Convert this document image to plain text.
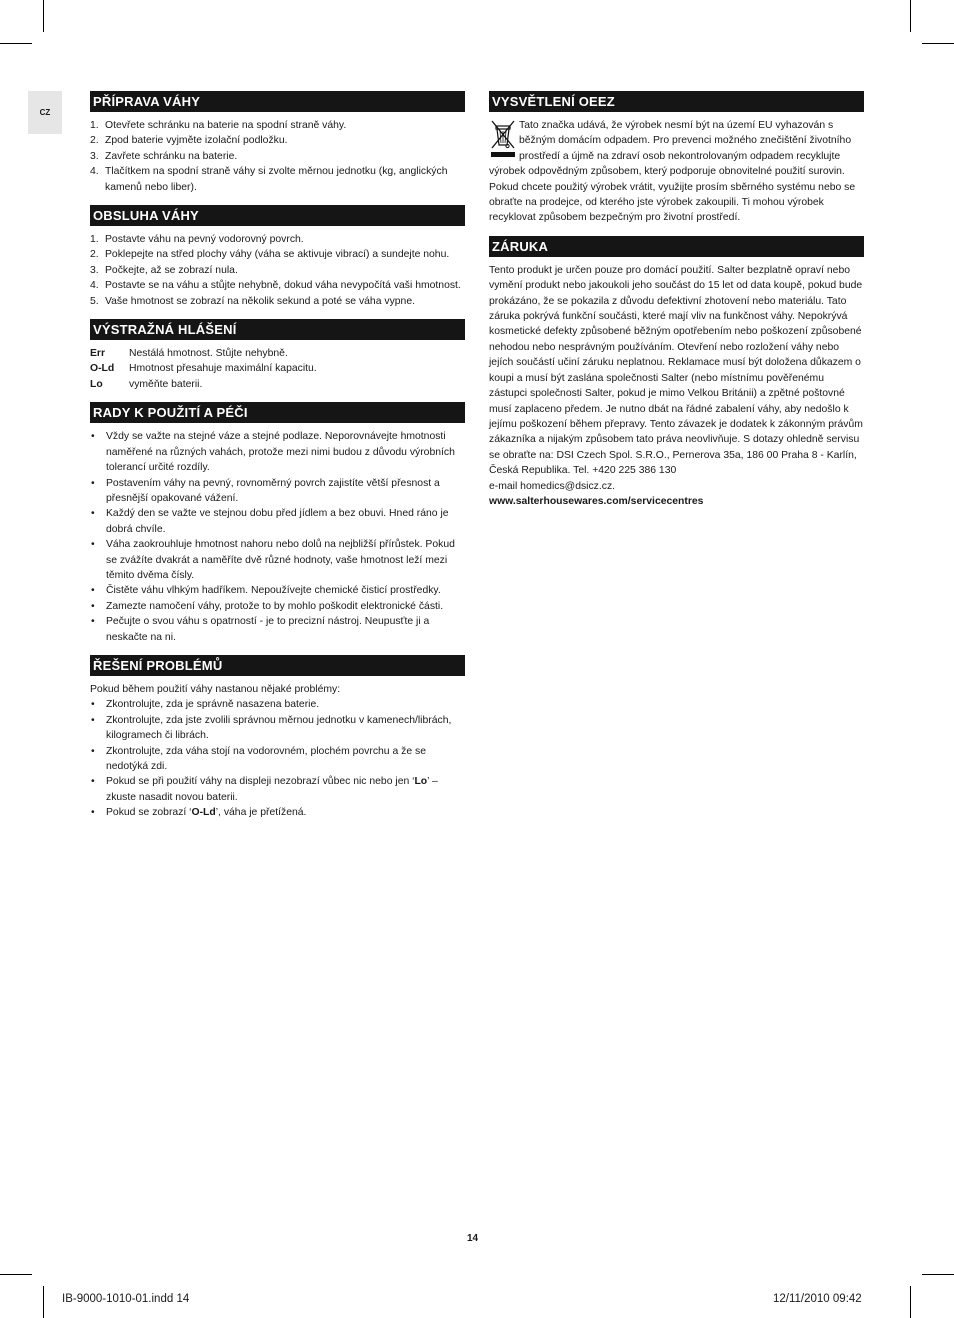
CZ
PŘÍPRAVA VÁHY
1. Otevřete schránku na baterie na spodní straně váhy.
2. Zpod baterie vyjměte izolační podložku.
3. Zavřete schránku na baterie.
4. Tlačítkem na spodní straně váhy si zvolte měrnou jednotku (kg, anglických kamenů nebo liber).
OBSLUHA VÁHY
1. Postavte váhu na pevný vodorovný povrch.
2. Poklepejte na střed plochy váhy (váha se aktivuje vibrací) a sundejte nohu.
3. Počkejte, až se zobrazí nula.
4. Postavte se na váhu a stůjte nehybně, dokud váha nevypočítá vaši hmotnost.
5. Vaše hmotnost se zobrazí na několik sekund a poté se váha vypne.
VÝSTRAŽNÁ HLÁŠENÍ
Err	Nestálá hmotnost. Stůjte nehybně.
O-Ld	Hmotnost přesahuje maximální kapacitu.
Lo	vyměňte baterii.
RADY K POUŽITÍ A PÉČI
•	Vždy se važte na stejné váze a stejné podlaze. Neporovnávejte hmotnosti naměřené na různých vahách, protože mezi nimi budou z důvodu výrobních tolerancí určité rozdíly.
•	Postavením váhy na pevný, rovnoměrný povrch zajistíte větší přesnost a přesnější opakované vážení.
•	Každý den se važte ve stejnou dobu před jídlem a bez obuvi. Hned ráno je dobrá chvíle.
•	Váha zaokrouhluje hmotnost nahoru nebo dolů na nejbližší přírůstek. Pokud se zvážíte dvakrát a naměříte dvě různé hodnoty, vaše hmotnost leží mezi těmito dvěma čísly.
•	Čistěte váhu vlhkým hadříkem. Nepoužívejte chemické čisticí prostředky.
•	Zamezte namočení váhy, protože to by mohlo poškodit elektronické části.
•	Pečujte o svou váhu s opatrností - je to precizní nástroj. Neupusťte ji a neskačte na ni.
ŘEŠENÍ PROBLÉMŮ

Pokud během použití váhy nastanou nějaké problémy:

•	Zkontrolujte, zda je správně nasazena baterie.
•	Zkontrolujte, zda jste zvolili správnou měrnou jednotku v kamenech/librách, kilogramech či librách.
•	Zkontrolujte, zda váha stojí na vodorovném, plochém povrchu a že se nedotýká zdi.
•	Pokud se při použití váhy na displeji nezobrazí vůbec nic nebo jen ‘Lo’ – zkuste nasadit novou baterii.
•	Pokud se zobrazí ‘O-Ld’, váha je přetížená.
VYSVĚTLENÍ OEEZ
Tato značka udává, že výrobek nesmí být na území EU vyhazován s běžným domácím odpadem. Pro prevenci možného znečištění životního prostředí a újmě na zdraví osob nekontrolovaným odpadem recyklujte výrobek odpovědným způsobem, který podporuje obnovitelné použití surovin. Pokud chcete použitý výrobek vrátit, využijte prosím sběrného systému nebo se obraťte na prodejce, od kterého jste výrobek zakoupili. Ti mohou výrobek recyklovat způsobem bezpečným pro životní prostředí.
ZÁRUKA

Tento produkt je určen pouze pro domácí použití. Salter bezplatně opraví nebo vymění produkt nebo jakoukoli jeho součást do 15 let od data koupě, pokud bude prokázáno, že se pokazila z důvodu defektivní zhotovení nebo materiálu. Tato záruka pokrývá funkční součásti, které mají vliv na funkčnost váhy. Nepokrývá kosmetické defekty způsobené běžným opotřebením nebo poškození způsobené nehodou nebo nesprávným používáním. Otevření nebo rozložení váhy nebo jejích součástí učiní záruku neplatnou. Reklamace musí být doložena důkazem o koupi a musí být zaslána společnosti Salter (nebo místnímu pověřenému zástupci společnosti Salter, pokud je mimo Velkou Británii) a zpětné poštovné musí zaplaceno předem. Je nutno dbát na řádné zabalení váhy, aby nedošlo k jejímu poškození během přepravy. Tento závazek je dodatek k zákonným právům zákazníka a nijakým způsobem tato práva neovlivňuje. S dotazy ohledně servisu se obraťte na: DSI Czech Spol. S.R.O., Pernerova 35a, 186 00 Praha 8 - Karlín, Česká Republika. Tel. +420 225 386 130

e-mail homedics@dsicz.cz.

www.salterhousewares.com/servicecentres

14
IB-9000-1010-01.indd 14	12/11/2010 09:42
